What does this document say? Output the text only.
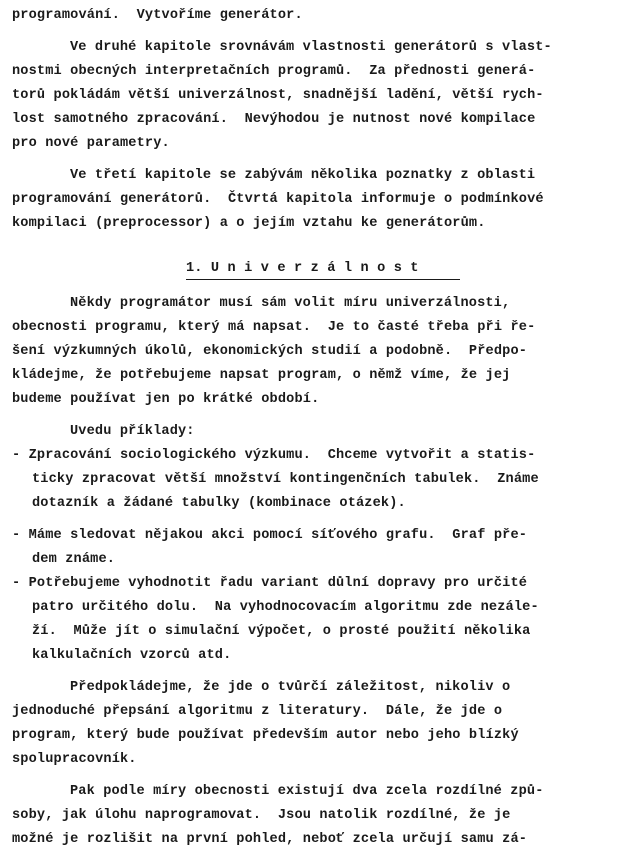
programování.  Vytvoříme generátor.
Ve druhé kapitole srovnávám vlastnosti generátorů s vlast-
nostmi obecných interpretačních programů.  Za přednosti generá-
torů pokládám větší univerzálnost, snadnější ladění, větší rych-
lost samotného zpracování.  Nevýhodou je nutnost nové kompilace
pro nové parametry.
Ve třetí kapitole se zabývám několika poznatky z oblasti
programování generátorů.  Čtvrtá kapitola informuje o podmínkové
kompilaci (preprocessor) a o jejím vztahu ke generátorům.
1. U n i v e r z á l n o s t
Někdy programátor musí sám volit míru univerzálnosti,
obecnosti programu, který má napsat.  Je to časté třeba při ře-
šení výzkumných úkolů, ekonomických studií a podobně.  Předpo-
kládejme, že potřebujeme napsat program, o němž víme, že jej
budeme používat jen po krátké období.
Uvedu příklady:
- Zpracování sociologického výzkumu.  Chceme vytvořit a statis-
ticky zpracovat větší množství kontingenčních tabulek.  Známe
dotazník a žádané tabulky (kombinace otázek).
- Máme sledovat nějakou akci pomocí síťového grafu.  Graf pře-
dem známe.
- Potřebujeme vyhodnotit řadu variant důlní dopravy pro určité
patro určitého dolu.  Na vyhodnocovacím algoritmu zde nezále-
ží.  Může jít o simulační výpočet, o prosté použití několika
kalkulačních vzorců atd.
Předpokládejme, že jde o tvůrčí záležitost, nikoliv o
jednoduché přepsání algoritmu z literatury.  Dále, že jde o
program, který bude používat především autor nebo jeho blízký
spolupracovník.
Pak podle míry obecnosti existují dva zcela rozdílné způ-
soby, jak úlohu naprogramovat.  Jsou natolik rozdílné, že je
možné je rozlišit na první pohled, neboť zcela určují samu zá-
